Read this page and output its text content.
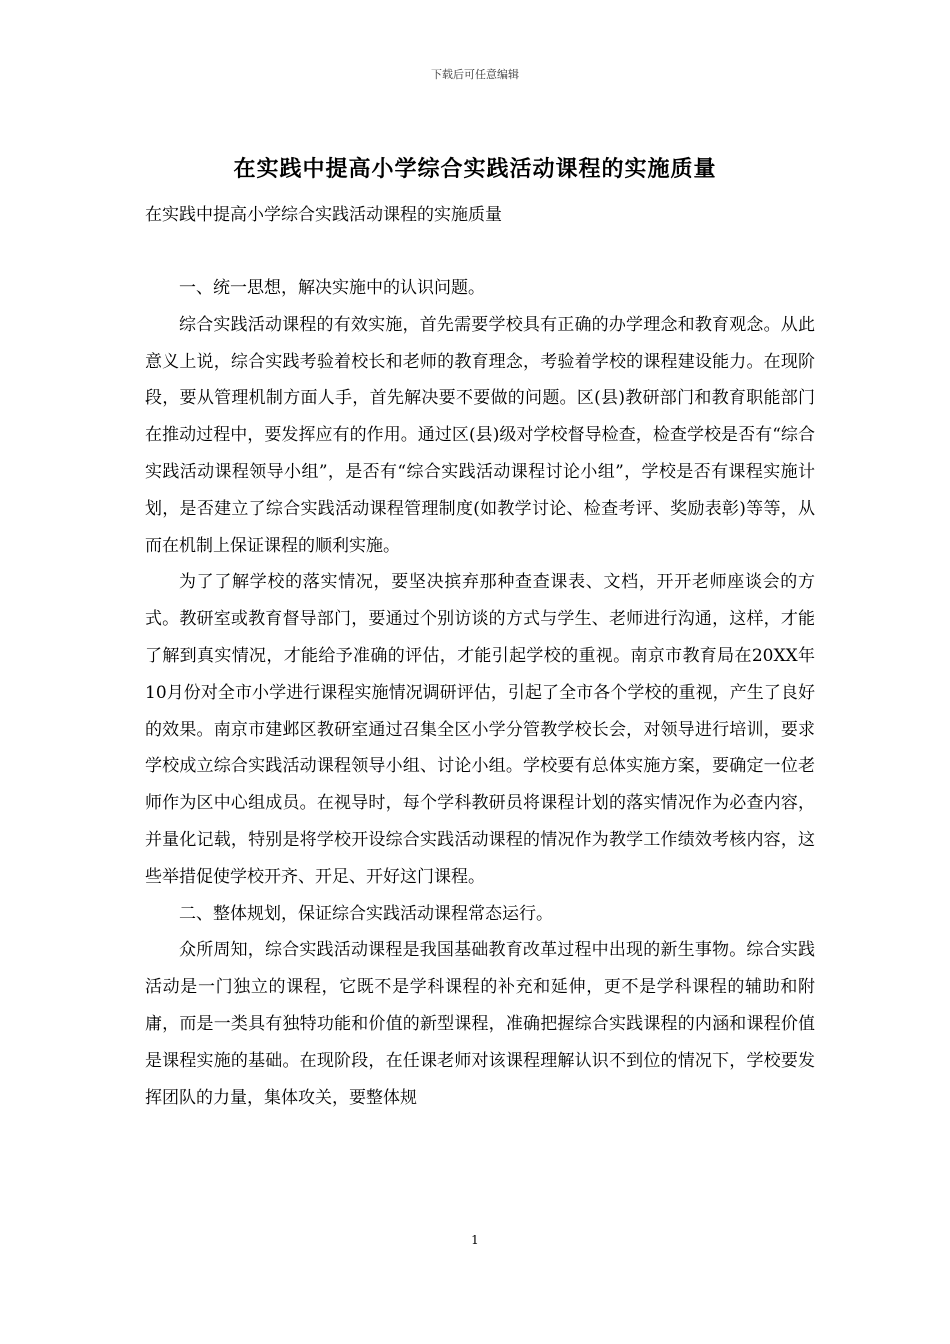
下载后可任意编辑
在实践中提高小学综合实践活动课程的实施质量
在实践中提高小学综合实践活动课程的实施质量

一、统一思想，解决实施中的认识问题。

综合实践活动课程的有效实施，首先需要学校具有正确的办学理念和教育观念。从此意义上说，综合实践考验着校长和老师的教育理念，考验着学校的课程建设能力。在现阶段，要从管理机制方面人手，首先解决要不要做的问题。区(县)教研部门和教育职能部门在推动过程中，要发挥应有的作用。通过区(县)级对学校督导检查，检查学校是否有“综合实践活动课程领导小组”，是否有“综合实践活动课程讨论小组”，学校是否有课程实施计划，是否建立了综合实践活动课程管理制度(如教学讨论、检查考评、奖励表彰)等等，从而在机制上保证课程的顺利实施。

为了了解学校的落实情况，要坚决摈弃那种查查课表、文档，开开老师座谈会的方式。教研室或教育督导部门，要通过个别访谈的方式与学生、老师进行沟通，这样，才能了解到真实情况，才能给予准确的评估，才能引起学校的重视。南京市教育局在20XX年10月份对全市小学进行课程实施情况调研评估，引起了全市各个学校的重视，产生了良好的效果。南京市建邺区教研室通过召集全区小学分管教学校长会，对领导进行培训，要求学校成立综合实践活动课程领导小组、讨论小组。学校要有总体实施方案，要确定一位老师作为区中心组成员。在视导时，每个学科教研员将课程计划的落实情况作为必查内容，并量化记载，特别是将学校开设综合实践活动课程的情况作为教学工作绩效考核内容，这些举措促使学校开齐、开足、开好这门课程。

二、整体规划，保证综合实践活动课程常态运行。

众所周知，综合实践活动课程是我国基础教育改革过程中出现的新生事物。综合实践活动是一门独立的课程，它既不是学科课程的补充和延伸，更不是学科课程的辅助和附庸，而是一类具有独特功能和价值的新型课程，准确把握综合实践课程的内涵和课程价值是课程实施的基础。在现阶段，在任课老师对该课程理解认识不到位的情况下，学校要发挥团队的力量，集体攻关，要整体规

1
